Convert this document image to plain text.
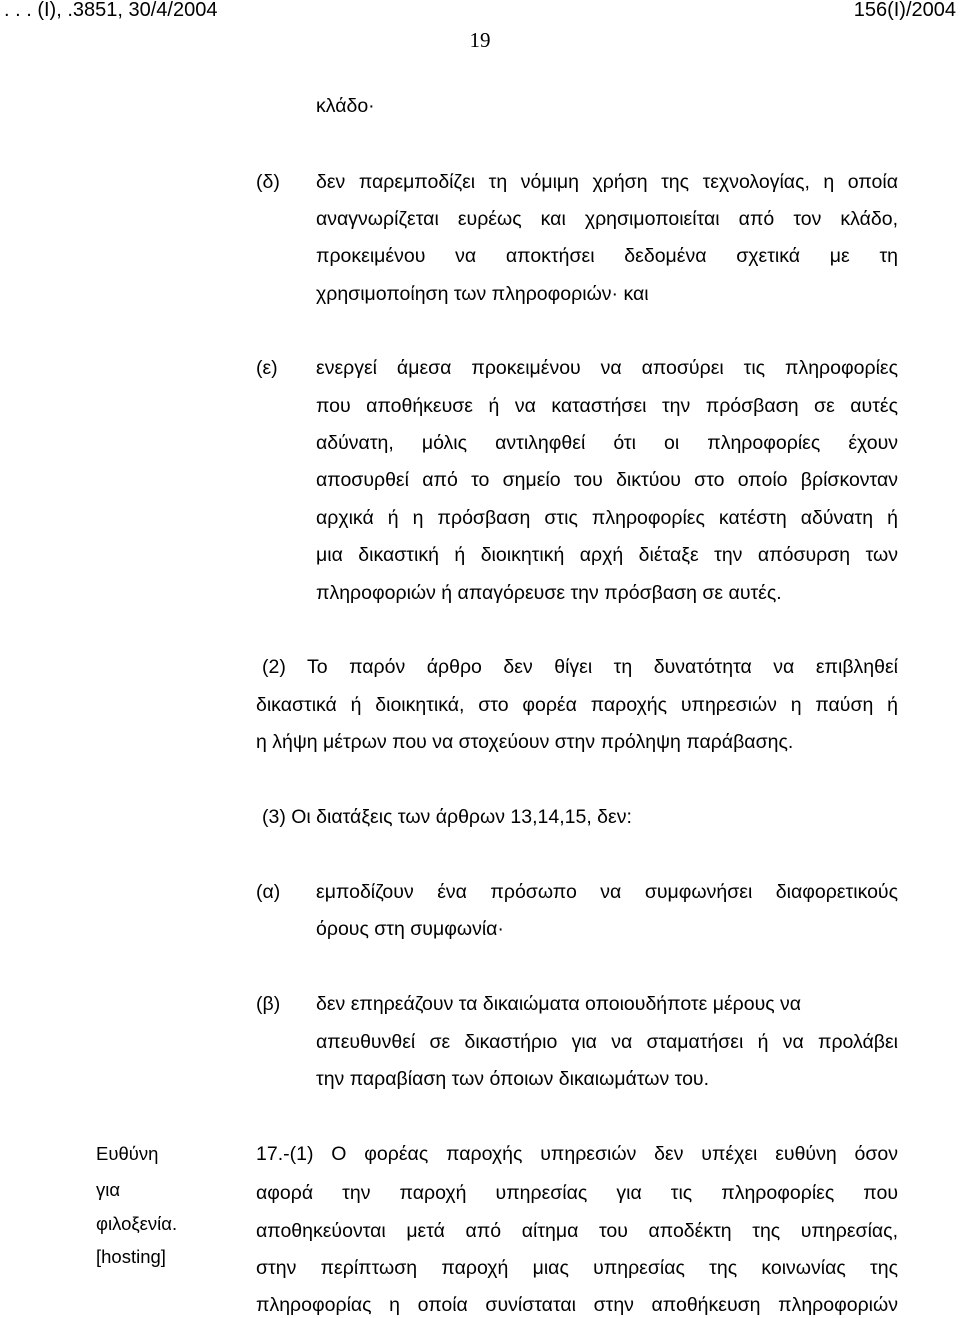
. . . (Ι), .3851, 30/4/2004	156(I)/2004
19
κλάδο·
(δ) δεν παρεμποδίζει τη νόμιμη χρήση της τεχνολογίας, η οποία
αναγνωρίζεται ευρέως και χρησιμοποιείται από τον κλάδο,
προκειμένου να αποκτήσει δεδομένα σχετικά με τη
χρησιμοποίηση των πληροφοριών· και
(ε) ενεργεί άμεσα προκειμένου να αποσύρει τις πληροφορίες
που αποθήκευσε ή να καταστήσει την πρόσβαση σε αυτές
αδύνατη, μόλις αντιληφθεί ότι οι πληροφορίες έχουν
αποσυρθεί από το σημείο του δικτύου στο οποίο βρίσκονταν
αρχικά ή η πρόσβαση στις πληροφορίες κατέστη αδύνατη ή
μια δικαστική ή διοικητική αρχή διέταξε την απόσυρση των
πληροφοριών ή απαγόρευσε την πρόσβαση σε αυτές.
(2) Το παρόν άρθρο δεν θίγει τη δυνατότητα να επιβληθεί
δικαστικά ή διοικητικά, στο φορέα παροχής υπηρεσιών η παύση ή
η λήψη μέτρων που να στοχεύουν στην πρόληψη παράβασης.
(3) Οι διατάξεις των άρθρων 13,14,15, δεν:
(α) εμποδίζουν ένα πρόσωπο να συμφωνήσει διαφορετικούς
όρους στη συμφωνία·
(β) δεν επηρεάζουν τα δικαιώματα οποιουδήποτε μέρους να
απευθυνθεί σε δικαστήριο για να σταματήσει ή να προλάβει
την παραβίαση των όποιων δικαιωμάτων του.
Ευθύνη
για
φιλοξενία.
[hosting]
17.-(1) Ο φορέας παροχής υπηρεσιών δεν υπέχει ευθύνη όσον
αφορά την παροχή υπηρεσίας για τις πληροφορίες που
αποθηκεύονται μετά από αίτημα του αποδέκτη της υπηρεσίας,
στην περίπτωση παροχή μιας υπηρεσίας της κοινωνίας της
πληροφορίας η οποία συνίσταται στην αποθήκευση πληροφοριών
